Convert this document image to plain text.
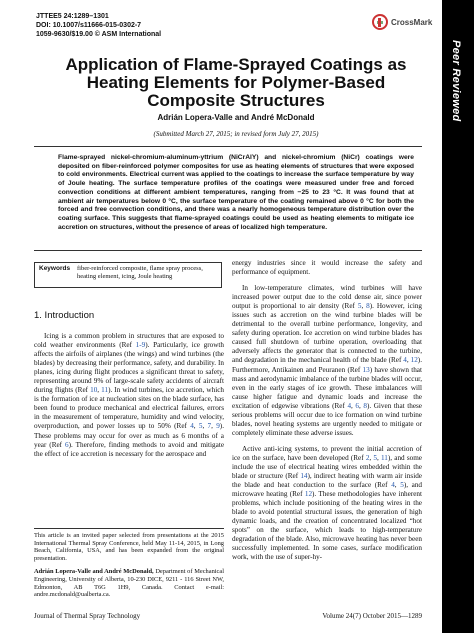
JTTEE5 24:1289–1301
DOI: 10.1007/s11666-015-0302-7
1059-9630/$19.00 © ASM International
CrossMark
Peer Reviewed
Application of Flame-Sprayed Coatings as Heating Elements for Polymer-Based Composite Structures
Adrián Lopera-Valle and André McDonald
(Submitted March 27, 2015; in revised form July 27, 2015)
Flame-sprayed nickel-chromium-aluminum-yttrium (NiCrAlY) and nickel-chromium (NiCr) coatings were deposited on fiber-reinforced polymer composites for use as heating elements of structures that were exposed to cold environments. Electrical current was applied to the coatings to increase the surface temperature by way of Joule heating. The surface temperature profiles of the coatings were measured under free and forced convection conditions at different ambient temperatures, ranging from −25 to 23 °C. It was found that at ambient air temperatures below 0 °C, the surface temperature of the coating remained above 0 °C for both the forced and free convection conditions, and there was a nearly homogeneous temperature distribution over the coating surface. This suggests that flame-sprayed coatings could be used as heating elements to mitigate ice accretion on structures, without the presence of areas of localized high temperature.
Keywords	fiber-reinforced composite, flame spray process, heating element, icing, Joule heating
1. Introduction

Icing is a common problem in structures that are exposed to cold weather environments (Ref 1-9). Particularly, ice growth affects the airfoils of airplanes (the wings) and wind turbines (the blades) by decreasing their performance, safety, and durability. In planes, icing during flight produces a significant threat to safety, representing around 9% of large-scale safety accidents of aircraft during flights (Ref 10, 11). In wind turbines, ice accretion, which is the formation of ice at nucleation sites on the blade surface, has been found to produce mechanical and electrical failures, errors in the measurement of temperature, humidity and wind velocity, overproduction, and power losses up to 50% (Ref 4, 5, 7, 9). These problems may occur for over as much as 6 months of a year (Ref 6). Therefore, finding methods to avoid and mitigate the effect of ice accretion is necessary for the aerospace and

energy industries since it would increase the safety and performance of equipment.

In low-temperature climates, wind turbines will have increased power output due to the cold dense air, since power output is proportional to air density (Ref 5, 8). However, icing issues such as accretion on the wind turbine blades will be detrimental to the overall turbine performance, longevity, and safety during operation. Ice accretion on wind turbine blades has caused full shutdown of turbine operation, overloading that adversely affects the generator that is connected to the turbine, and degradation in the mechanical health of the blade (Ref 4, 12). Furthermore, Antikainen and Peuranen (Ref 13) have shown that mass and aerodynamic imbalance of the turbine blades will occur, even in the early stages of ice growth. These imbalances will cause higher fatigue and dynamic loads and increase the excitation of edgewise vibrations (Ref 4, 6, 8). Given that these serious problems will occur due to ice formation on wind turbine blades, novel heating systems are urgently needed to mitigate or completely eliminate these adverse issues.

Active anti-icing systems, to prevent the initial accretion of ice on the surface, have been developed (Ref 2, 5, 11), and some include the use of electrical heating wires embedded within the blade or structure (Ref 14), indirect heating with warm air inside the blade and heat conduction to the surface (Ref 4, 5), and microwave heating (Ref 12). These methodologies have inherent problems, which include positioning of the heating wires in the blade to avoid potential structural issues, the generation of high dynamic loads, and the creation of concentrated localized “hot spots” on the surface, which leads to high-temperature degradation of the blade. Also, microwave heating has never been successfully implemented. In some cases, surface modification work, with the use of super-hy-

This article is an invited paper selected from presentations at the 2015 International Thermal Spray Conference, held May 11-14, 2015, in Long Beach, California, USA, and has been expanded from the original presentation.

Adrián Lopera-Valle and André McDonald, Department of Mechanical Engineering, University of Alberta, 10-230 DICE, 9211 - 116 Street NW, Edmonton, AB T6G 1H9, Canada. Contact e-mail: andre.mcdonald@ualberta.ca.

Journal of Thermal Spray Technology	Volume 24(7) October 2015—1289
